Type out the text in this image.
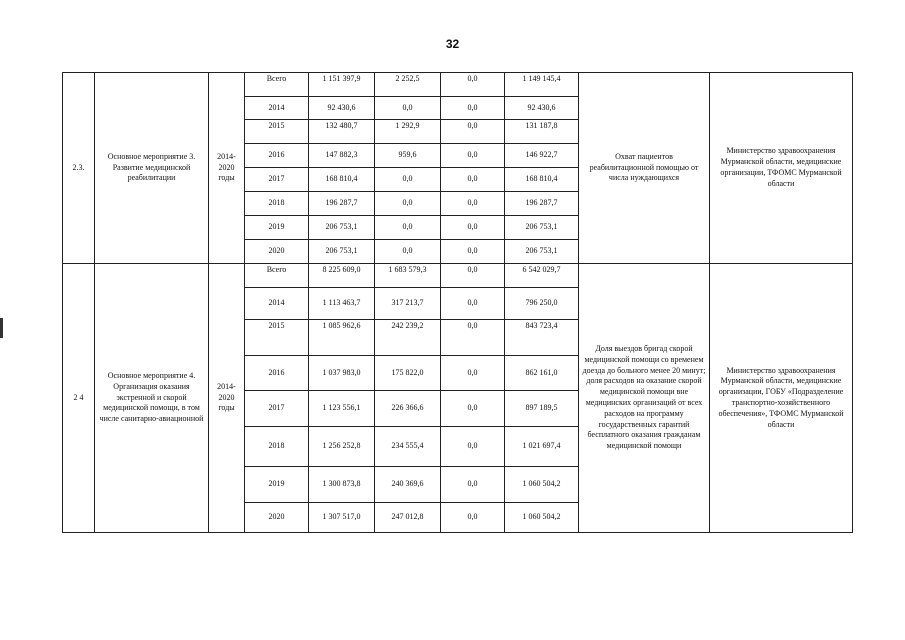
32
2.3.	Основное мероприятие 3. Развитие медицинской реабилитации	2014-2020 годы	Всего	1 151 397,9	2 252,5	0,0	1 149 145,4	Охват пациентов реабилитационной помощью от числа нуждающихся	Министерство здравоохранения Мурманской области, медицинские организации, ТФОМС Мурманской области
			2014	92 430,6	0,0	0,0	92 430,6		
			2015	132 480,7	1 292,9	0,0	131 187,8		
			2016	147 882,3	959,6	0,0	146 922,7		
			2017	168 810,4	0,0	0,0	168 810,4		
			2018	196 287,7	0,0	0,0	196 287,7		
			2019	206 753,1	0,0	0,0	206 753,1		
			2020	206 753,1	0,0	0,0	206 753,1		
2 4	Основное мероприятие 4. Организация оказания экстренной и скорой медицинской помощи, в том числе санитарно-авиационной	2014-2020 годы	Всего	8 225 609,0	1 683 579,3	0,0	6 542 029,7	Доля выездов бригад скорой медицинской помощи со временем доезда до больного менее 20 минут; доля расходов на оказание скорой медицинской помощи вне медицинских организаций от всех расходов на программу государственных гарантий бесплатного оказания гражданам медицинской помощи	Министерство здравоохранения Мурманской области, медицинские организации, ГОБУ «Подразделение транспортно-хозяйственного обеспечения», ТФОМС Мурманской области
			2014	1 113 463,7	317 213,7	0,0	796 250,0		
			2015	1 085 962,6	242 239,2	0,0	843 723,4		
			2016	1 037 983,0	175 822,0	0,0	862 161,0		
			2017	1 123 556,1	226 366,6	0,0	897 189,5		
			2018	1 256 252,8	234 555,4	0,0	1 021 697,4		
			2019	1 300 873,8	240 369,6	0,0	1 060 504,2		
			2020	1 307 517,0	247 012,8	0,0	1 060 504,2		
